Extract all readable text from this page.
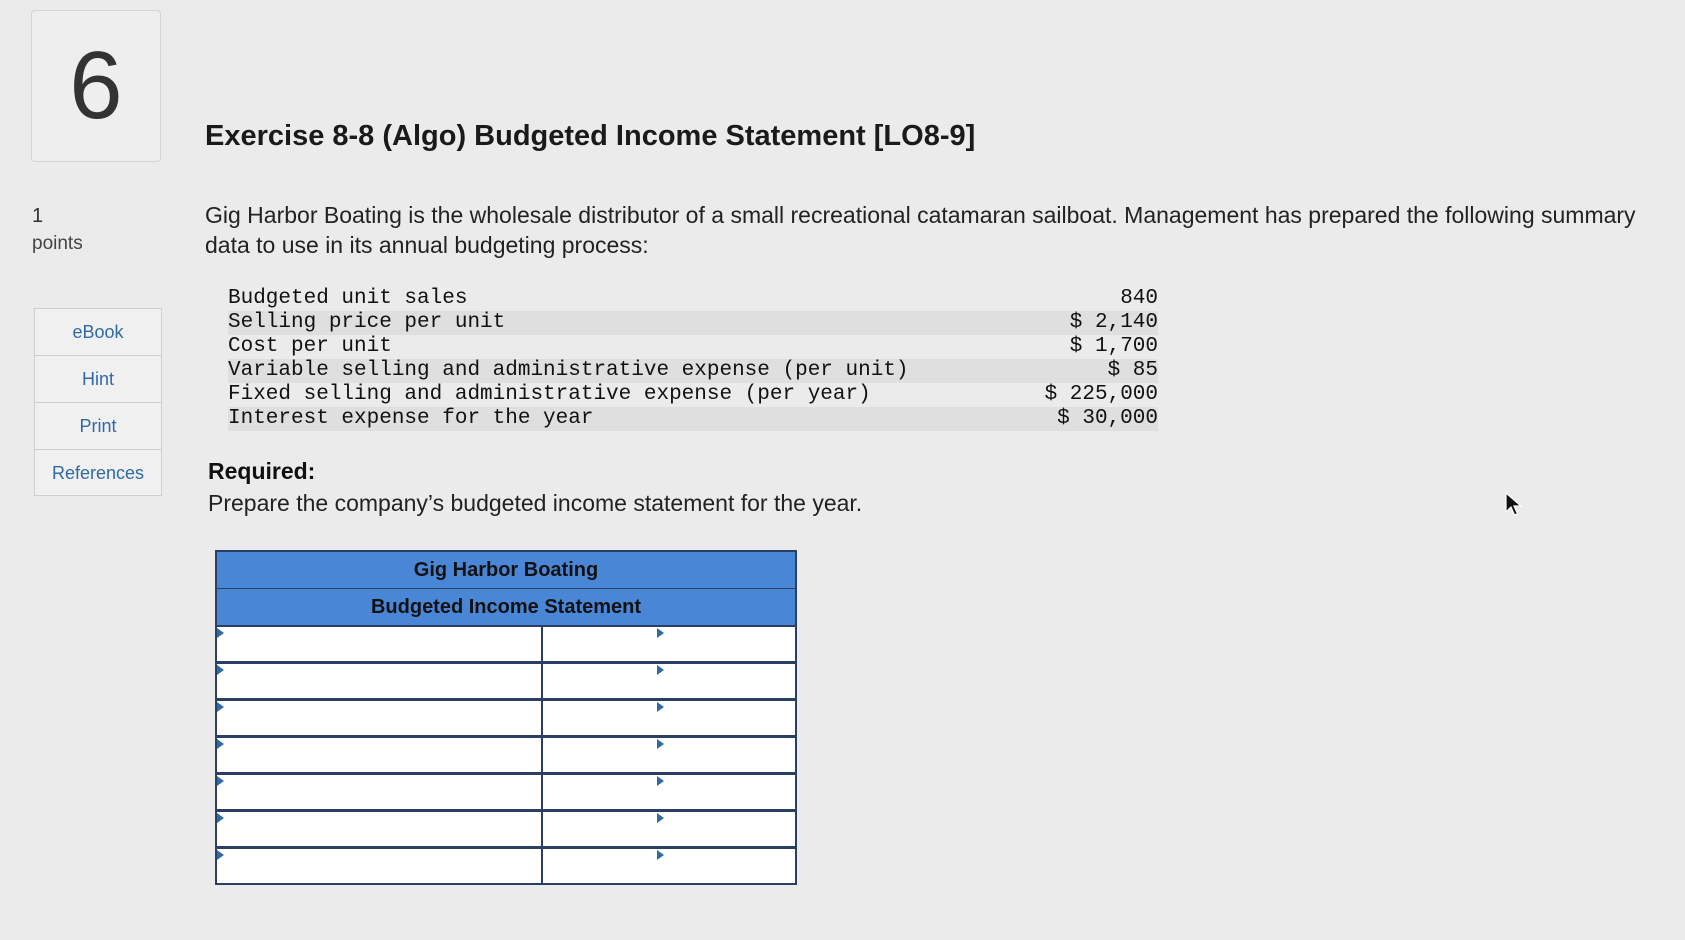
6
1
points
eBook
Hint
Print
References
Exercise 8-8 (Algo) Budgeted Income Statement [LO8-9]

Gig Harbor Boating is the wholesale distributor of a small recreational catamaran sailboat. Management has prepared the following summary data to use in its annual budgeting process:

Budgeted unit sales	840
Selling price per unit	$ 2,140
Cost per unit	$ 1,700
Variable selling and administrative expense (per unit)	$ 85
Fixed selling and administrative expense (per year)	$ 225,000
Interest expense for the year	$ 30,000
Required:
Prepare the company’s budgeted income statement for the year.
Gig Harbor Boating
Budgeted Income Statement
